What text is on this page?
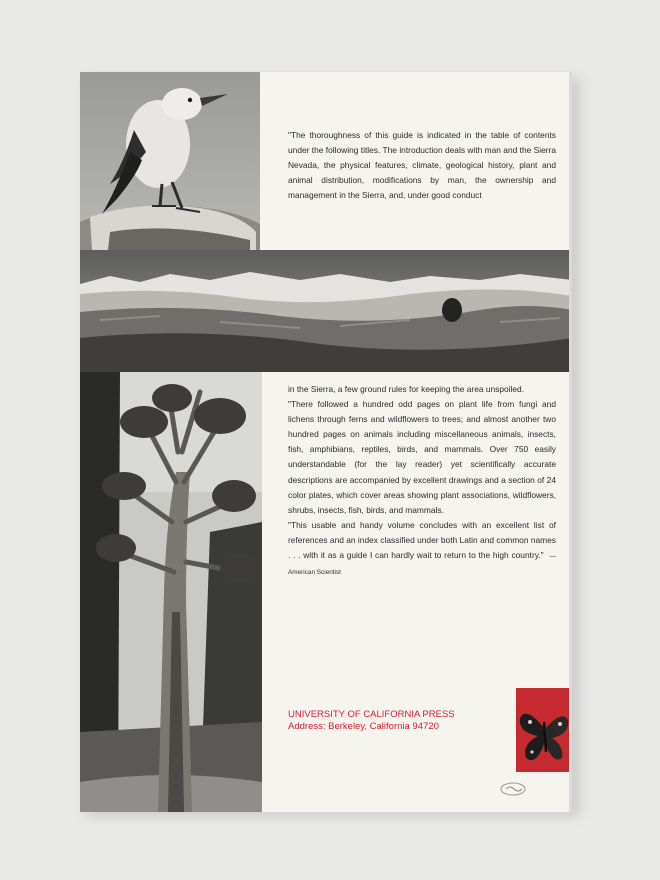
"The thoroughness of this guide is indicated in the table of contents under the following titles. The introduction deals with man and the Sierra Nevada, the physical features, climate, geological history, plant and animal distribution, modifications by man, the ownership and management in the Sierra, and, under good conduct

in the Sierra, a few ground rules for keeping the area unspoiled.

"There followed a hundred odd pages on plant life from fungi and lichens through ferns and wildflowers to trees; and almost another two hundred pages on animals including miscellaneous animals, insects, fish, amphibians, reptiles, birds, and mammals. Over 750 easily understandable (for the lay reader) yet scientifically accurate descriptions are accompanied by excellent drawings and a section of 24 color plates, which cover areas showing plant associations, wildflowers, shrubs, insects, fish, birds, and mammals.

"This usable and handy volume concludes with an excellent list of references and an index classified under both Latin and common names . . . with it as a guide I can hardly wait to return to the high country." —American Scientist

UNIVERSITY OF CALIFORNIA PRESS
Address: Berkeley, California 94720
